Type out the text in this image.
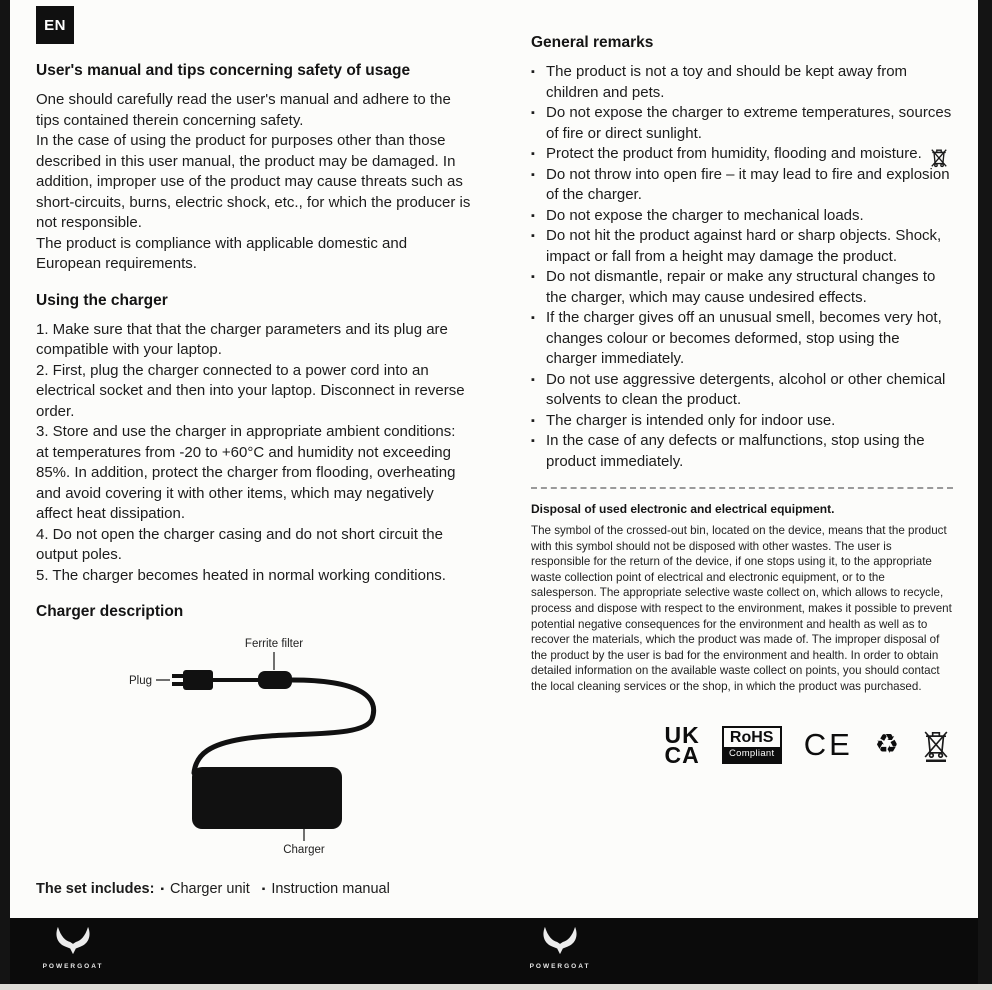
EN
User's manual and tips concerning safety of usage

One should carefully read the user's manual and adhere to the tips contained therein concerning safety.

In the case of using the product for purposes other than those described in this user manual, the product may be damaged. In addition, improper use of the product may cause threats such as short-circuits, burns, electric shock, etc., for which the producer is not responsible.

The product is compliance with applicable domestic and European requirements.

Using the charger

1. Make sure that that the charger parameters and its plug are compatible with your laptop.

2. First, plug the charger connected to a power cord into an electrical socket and then into your laptop. Disconnect in reverse order.

3. Store and use the charger in appropriate ambient conditions: at temperatures from -20 to +60°C and humidity not exceeding 85%. In addition, protect the charger from flooding, overheating and avoid covering it with other items, which may negatively affect heat dissipation.

4. Do not open the charger casing and do not short circuit the output poles.

5. The charger becomes heated in normal working conditions.

Charger description
Ferrite filter
Plug
Charger
The set includes: ▪ Charger unit ▪ Instruction manual
General remarks
▪ The product is not a toy and should be kept away from children and pets.
▪ Do not expose the charger to extreme temperatures, sources of fire or direct sunlight.
▪ Protect the product from humidity, flooding and moisture.
▪ Do not throw into open fire – it may lead to fire and explosion of the charger.
▪ Do not expose the charger to mechanical loads.
▪ Do not hit the product against hard or sharp objects. Shock, impact or fall from a height may damage the product.
▪ Do not dismantle, repair or make any structural changes to the charger, which may cause undesired effects.
▪ If the charger gives off an unusual smell, becomes very hot, changes colour or becomes deformed, stop using the charger immediately.
▪ Do not use aggressive detergents, alcohol or other chemical solvents to clean the product.
▪ The charger is intended only for indoor use.
▪ In the case of any defects or malfunctions, stop using the product immediately.
Disposal of used electronic and electrical equipment.
The symbol of the crossed-out bin, located on the device, means that the product with this symbol should not be disposed with other wastes. The user is responsible for the return of the device, if one stops using it, to the appropriate waste collection point of electrical and electronic equipment, or to the salesperson. The appropriate selective waste collect on, which allows to recycle, process and dispose with respect to the environment, makes it possible to prevent potential negative consequences for the environment and health as well as to recover the materials, which the product was made of. The improper disposal of the product by the user is bad for the environment and health. In order to obtain detailed information on the available waste collect on points, you should contact the local cleaning services or the shop, in which the product was purchased.
UK
CA
RoHS
Compliant CE ♻
POWERGOAT	POWERGOAT
